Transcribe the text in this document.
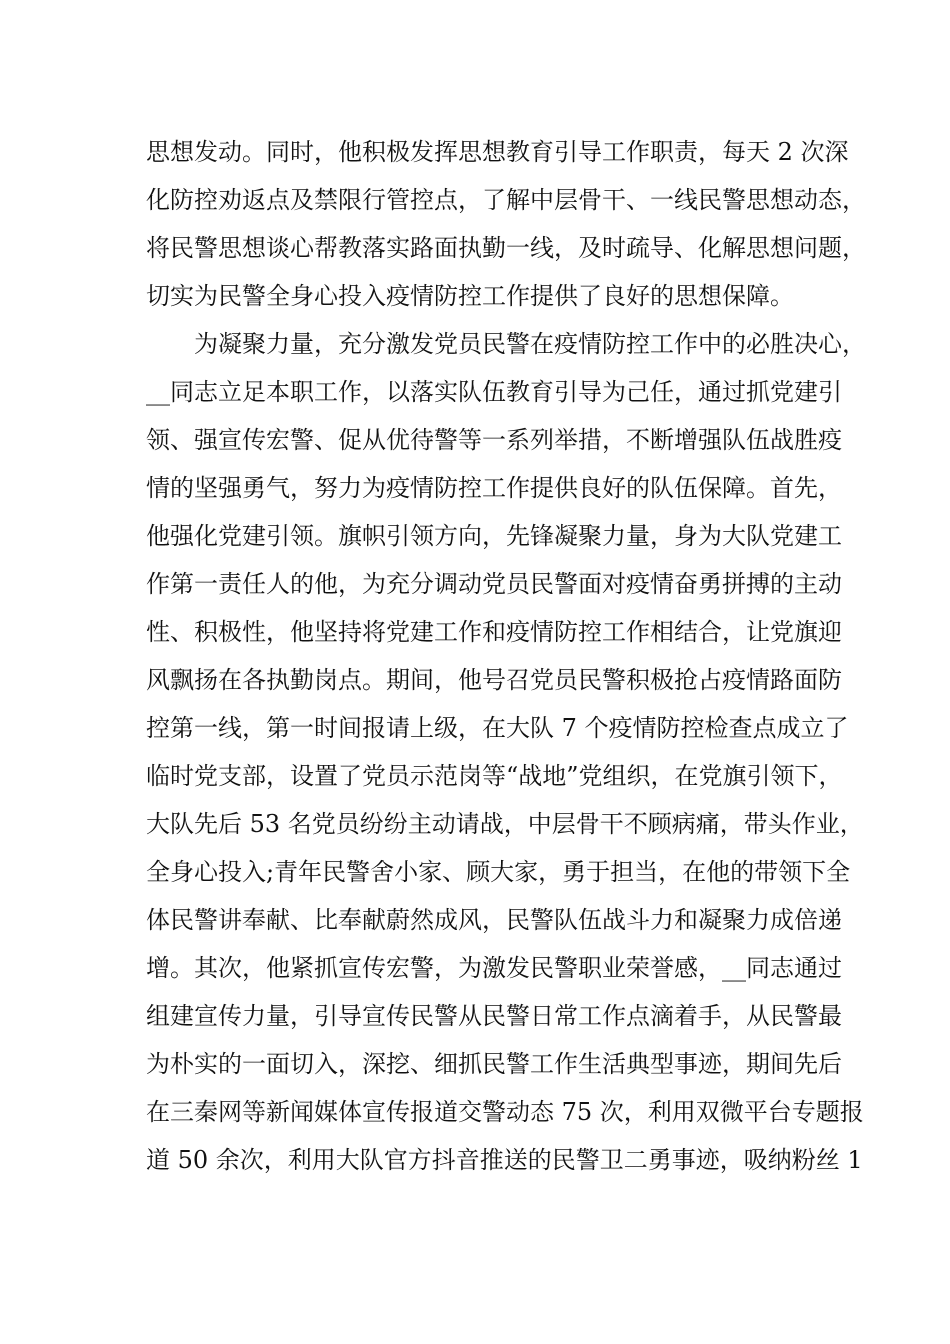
思想发动。同时，他积极发挥思想教育引导工作职责，每天 2 次深
化防控劝返点及禁限行管控点，了解中层骨干、一线民警思想动态，
将民警思想谈心帮教落实路面执勤一线，及时疏导、化解思想问题，
切实为民警全身心投入疫情防控工作提供了良好的思想保障。
　　为凝聚力量，充分激发党员民警在疫情防控工作中的必胜决心，
__同志立足本职工作，以落实队伍教育引导为己任，通过抓党建引
领、强宣传宏警、促从优待警等一系列举措，不断增强队伍战胜疫
情的坚强勇气，努力为疫情防控工作提供良好的队伍保障。首先，
他强化党建引领。旗帜引领方向，先锋凝聚力量，身为大队党建工
作第一责任人的他，为充分调动党员民警面对疫情奋勇拼搏的主动
性、积极性，他坚持将党建工作和疫情防控工作相结合，让党旗迎
风飘扬在各执勤岗点。期间，他号召党员民警积极抢占疫情路面防
控第一线，第一时间报请上级，在大队 7 个疫情防控检查点成立了
临时党支部，设置了党员示范岗等“战地”党组织，在党旗引领下，
大队先后 53 名党员纷纷主动请战，中层骨干不顾病痛，带头作业，
全身心投入;青年民警舍小家、顾大家，勇于担当，在他的带领下全
体民警讲奉献、比奉献蔚然成风，民警队伍战斗力和凝聚力成倍递
增。其次，他紧抓宣传宏警，为激发民警职业荣誉感，__同志通过
组建宣传力量，引导宣传民警从民警日常工作点滴着手，从民警最
为朴实的一面切入，深挖、细抓民警工作生活典型事迹，期间先后
在三秦网等新闻媒体宣传报道交警动态 75 次，利用双微平台专题报
道 50 余次，利用大队官方抖音推送的民警卫二勇事迹，吸纳粉丝 1
